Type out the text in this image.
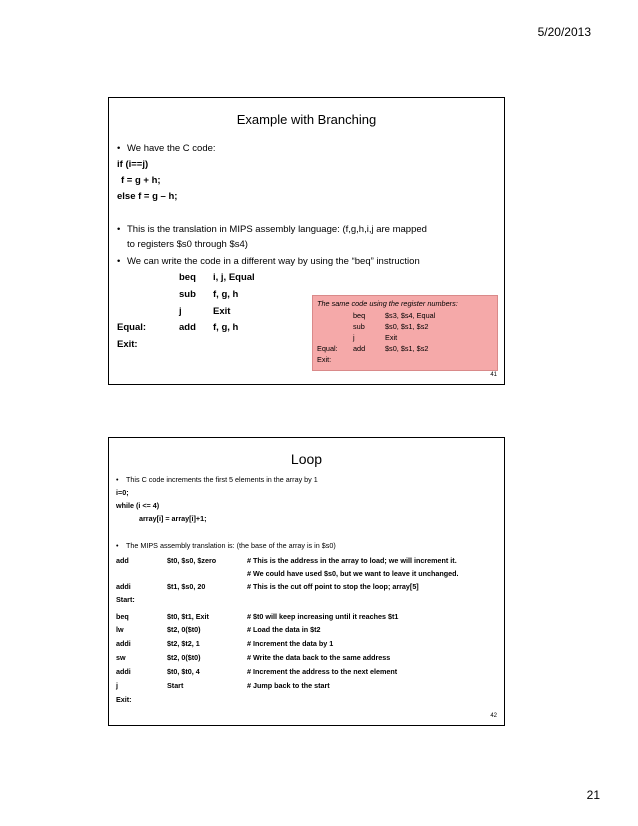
5/20/2013
Example with Branching
• We have the C code:
if (i==j)
f = g + h;
else f = g – h;
• This is the translation in MIPS assembly language: (f,g,h,i,j are mapped
to registers $s0 through $s4)
• We can write the code in a different way by using the “beq” instruction
beq i, j, Equal
sub f, g, h
j	Exit
Equal:	add f, g, h
Exit:
The same code using the register numbers:
beq	$s3, $s4, Equal
sub	$s0, $s1, $s2
j	Exit
Equal: add	$s0, $s1, $s2
Exit:
41
Loop
• This C code increments the first 5 elements in the array by 1
i=0;
while (i <= 4)
array[i] = array[i]+1;
• The MIPS assembly translation is: (the base of the array is in $s0)
add	$t0, $s0, $zero	# This is the address in the array to load; we will increment it.
# We could have used $s0, but we want to leave it unchanged.
addi	$t1, $s0, 20	# This is the cut off point to stop the loop; array[5]
Start:
beq	$t0, $t1, Exit	# $t0 will keep increasing until it reaches $t1
lw	$t2, 0($t0)	# Load the data in $t2
addi	$t2, $t2, 1	# Increment the data by 1
sw	$t2, 0($t0)	# Write the data back to the same address
addi	$t0, $t0, 4	# Increment the address to the next element
j	Start	# Jump back to the start
Exit:
42
21
